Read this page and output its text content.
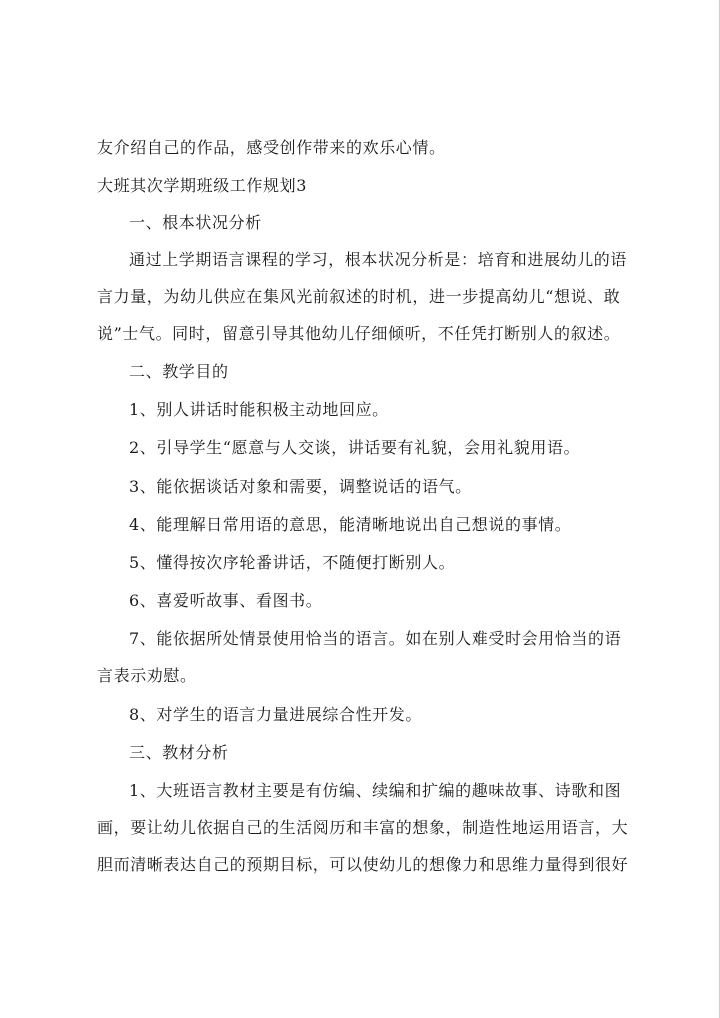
友介绍自己的作品，感受创作带来的欢乐心情。
大班其次学期班级工作规划3
一、根本状况分析
通过上学期语言课程的学习，根本状况分析是：培育和进展幼儿的语
言力量，为幼儿供应在集风光前叙述的时机，进一步提高幼儿“想说、敢
说”士气。同时，留意引导其他幼儿仔细倾听，不任凭打断别人的叙述。
二、教学目的
1、别人讲话时能积极主动地回应。
2、引导学生“愿意与人交谈，讲话要有礼貌，会用礼貌用语。
3、能依据谈话对象和需要，调整说话的语气。
4、能理解日常用语的意思，能清晰地说出自己想说的事情。
5、懂得按次序轮番讲话，不随便打断别人。
6、喜爱听故事、看图书。
7、能依据所处情景使用恰当的语言。如在别人难受时会用恰当的语
言表示劝慰。
8、对学生的语言力量进展综合性开发。
三、教材分析
1、大班语言教材主要是有仿编、续编和扩编的趣味故事、诗歌和图
画，要让幼儿依据自己的生活阅历和丰富的想象，制造性地运用语言，大
胆而清晰表达自己的预期目标，可以使幼儿的想像力和思维力量得到很好
